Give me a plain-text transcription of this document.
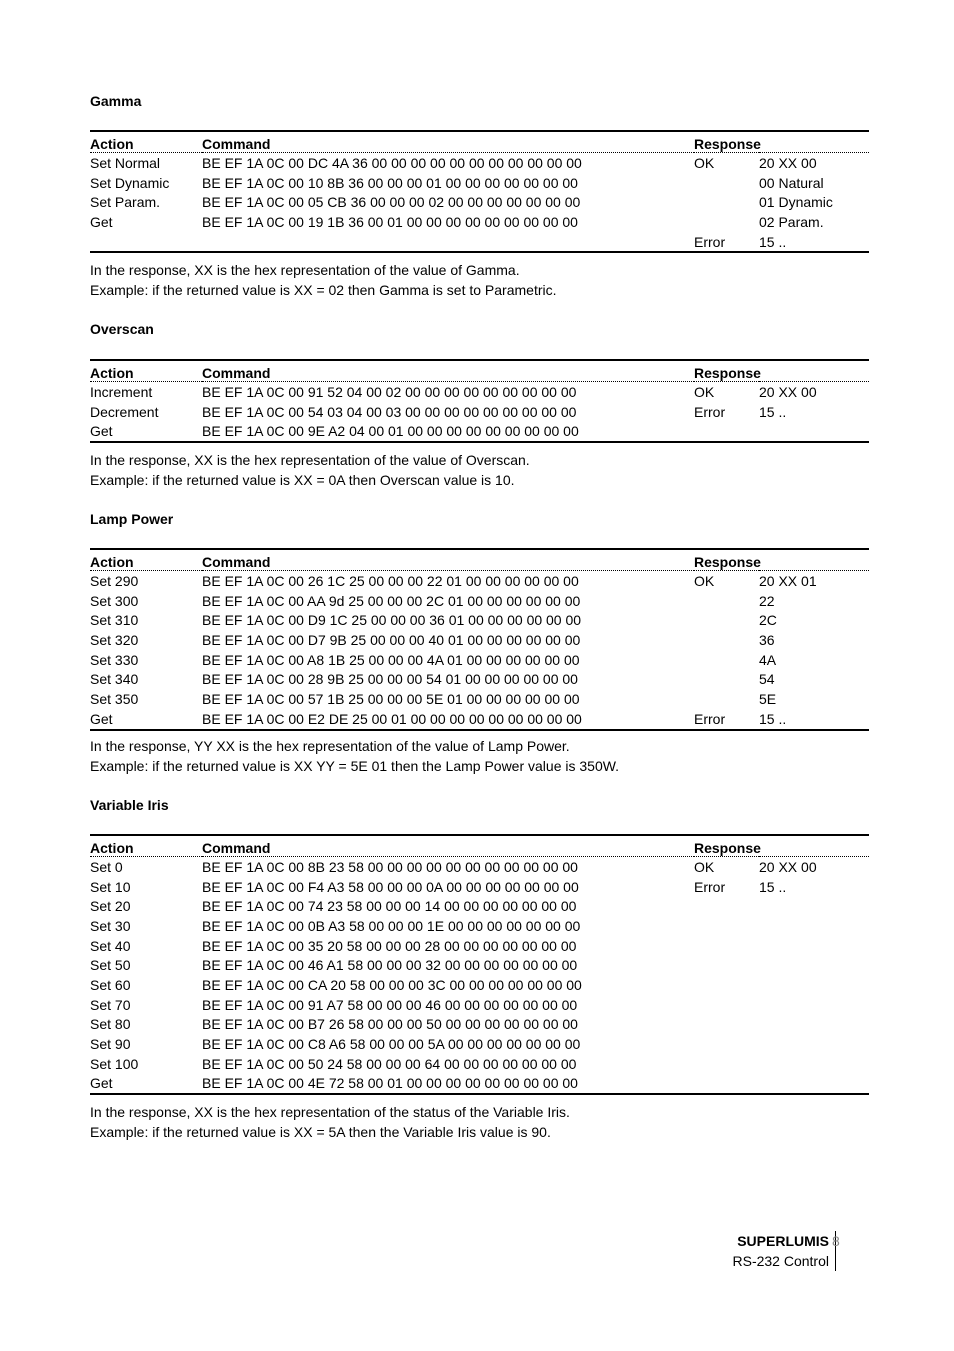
Gamma
Action	Command	Response	
Set Normal	BE EF 1A 0C 00 DC 4A 36 00 00 00 00 00 00 00 00 00 00 00	OK	20 XX 00
Set Dynamic	BE EF 1A 0C 00 10 8B 36 00 00 00 01 00 00 00 00 00 00 00		00 Natural
Set Param.	BE EF 1A 0C 00 05 CB 36 00 00 00 02 00 00 00 00 00 00 00		01 Dynamic
Get	BE EF 1A 0C 00 19 1B 36 00 01 00 00 00 00 00 00 00 00 00		02 Param.
		Error	15 ..
In the response, XX is the hex representation of the value of Gamma.
Example: if the returned value is XX = 02 then Gamma is set to Parametric.
Overscan
Action	Command	Response	
Increment	BE EF 1A 0C 00 91 52 04 00 02 00 00 00 00 00 00 00 00 00	OK	20 XX 00
Decrement	BE EF 1A 0C 00 54 03 04 00 03 00 00 00 00 00 00 00 00 00	Error	15 ..
Get	BE EF 1A 0C 00 9E A2 04 00 01 00 00 00 00 00 00 00 00 00		
In the response, XX is the hex representation of the value of Overscan.
Example: if the returned value is XX = 0A then Overscan value is 10.
Lamp Power
Action	Command	Response	
Set 290	BE EF 1A 0C 00 26 1C 25 00 00 00 22 01 00 00 00 00 00 00	OK	20 XX 01
Set 300	BE EF 1A 0C 00 AA 9d 25 00 00 00 2C 01 00 00 00 00 00 00		22
Set 310	BE EF 1A 0C 00 D9 1C 25 00 00 00 36 01 00 00 00 00 00 00		2C
Set 320	BE EF 1A 0C 00 D7 9B 25 00 00 00 40 01 00 00 00 00 00 00		36
Set 330	BE EF 1A 0C 00 A8 1B 25 00 00 00 4A 01 00 00 00 00 00 00		4A
Set 340	BE EF 1A 0C 00 28 9B 25 00 00 00 54 01 00 00 00 00 00 00		54
Set 350	BE EF 1A 0C 00 57 1B 25 00 00 00 5E 01 00 00 00 00 00 00		5E
Get	BE EF 1A 0C 00 E2 DE 25 00 01 00 00 00 00 00 00 00 00 00	Error	15 ..
In the response, YY XX is the hex representation of the value of Lamp Power.
Example: if the returned value is XX YY = 5E 01 then the Lamp Power value is 350W.
Variable Iris
Action	Command	Response	
Set 0	BE EF 1A 0C 00 8B 23 58 00 00 00 00 00 00 00 00 00 00 00	OK	20 XX 00
Set 10	BE EF 1A 0C 00 F4 A3 58 00 00 00 0A 00 00 00 00 00 00 00	Error	15 ..
Set 20	BE EF 1A 0C 00 74 23 58 00 00 00 14 00 00 00 00 00 00 00		
Set 30	BE EF 1A 0C 00 0B A3 58 00 00 00 1E 00 00 00 00 00 00 00		
Set 40	BE EF 1A 0C 00 35 20 58 00 00 00 28 00 00 00 00 00 00 00		
Set 50	BE EF 1A 0C 00 46 A1 58 00 00 00 32 00 00 00 00 00 00 00		
Set 60	BE EF 1A 0C 00 CA 20 58 00 00 00 3C 00 00 00 00 00 00 00		
Set 70	BE EF 1A 0C 00 91 A7 58 00 00 00 46 00 00 00 00 00 00 00		
Set 80	BE EF 1A 0C 00 B7 26 58 00 00 00 50 00 00 00 00 00 00 00		
Set 90	BE EF 1A 0C 00 C8 A6 58 00 00 00 5A 00 00 00 00 00 00 00		
Set 100	BE EF 1A 0C 00 50 24 58 00 00 00 64 00 00 00 00 00 00 00		
Get	BE EF 1A 0C 00 4E 72 58 00 01 00 00 00 00 00 00 00 00 00		
In the response, XX is the hex representation of the status of the Variable Iris.
Example: if the returned value is XX = 5A then the Variable Iris value is 90.
SUPERLUMIS
RS-232 Control
8
